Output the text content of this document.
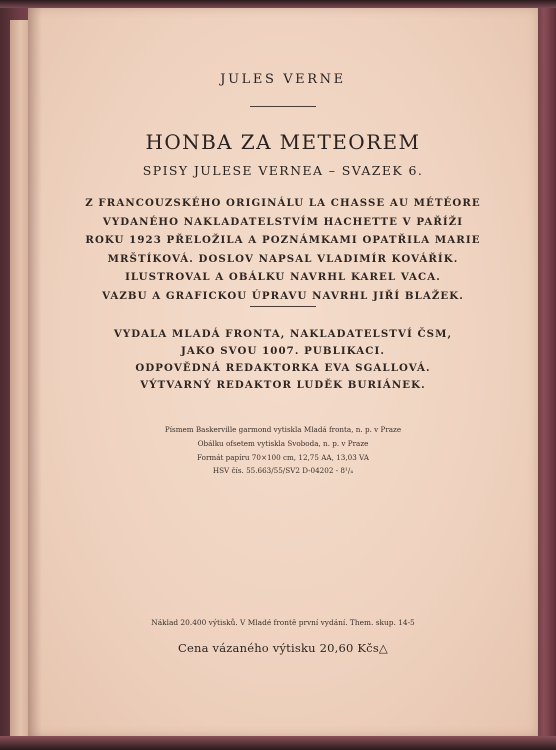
JULES VERNE
HONBA ZA METEOREM
SPISY JULESE VERNEA – SVAZEK 6.
Z FRANCOUZSKÉHO ORIGINÁLU LA CHASSE AU MÉTÉORE
VYDANÉHO NAKLADATELSTVÍM HACHETTE V PAŘÍŽI
ROKU 1923 PŘELOŽILA A POZNÁMKAMI OPATŘILA MARIE
MRŠTÍKOVÁ. DOSLOV NAPSAL VLADIMÍR KOVÁŘÍK.
ILUSTROVAL A OBÁLKU NAVRHL KAREL VACA.
VAZBU A GRAFICKOU ÚPRAVU NAVRHL JIŘÍ BLAŽEK.
VYDALA MLADÁ FRONTA, NAKLADATELSTVÍ ČSM,
JAKO SVOU 1007. PUBLIKACI.
ODPOVĚDNÁ REDAKTORKA EVA SGALLOVÁ.
VÝTVARNÝ REDAKTOR LUDĚK BURIÁNEK.
Písmem Baskerville garmond vytiskla Mladá fronta, n. p. v Praze
Obálku ofsetem vytiskla Svoboda, n. p. v Praze
Formát papíru 70×100 cm, 12,75 AA, 13,03 VA
HSV čís. 55.663/55/SV2 D-04202 - 8¹/₄
Náklad 20.400 výtisků. V Mladé frontě první vydání. Them. skup. 14-5
Cena vázaného výtisku 20,60 Kčs△
